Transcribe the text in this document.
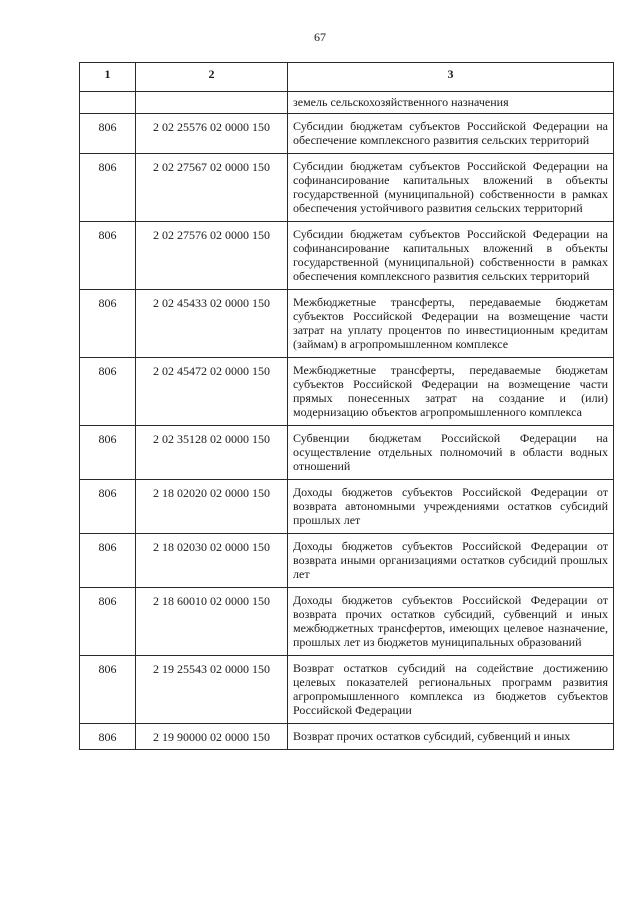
67
1	2	3
		земель сельскохозяйственного назначения
806	2 02 25576 02 0000 150	Субсидии бюджетам субъектов Российской Федерации на обеспечение комплексного развития сельских территорий
806	2 02 27567 02 0000 150	Субсидии бюджетам субъектов Российской Федерации на софинансирование капитальных вложений в объекты государственной (муниципальной) собственности в рамках обеспечения устойчивого развития сельских территорий
806	2 02 27576 02 0000 150	Субсидии бюджетам субъектов Российской Федерации на софинансирование капитальных вложений в объекты государственной (муниципальной) собственности в рамках обеспечения комплексного развития сельских территорий
806	2 02 45433 02 0000 150	Межбюджетные трансферты, передаваемые бюджетам субъектов Российской Федерации на возмещение части затрат на уплату процентов по инвестиционным кредитам (займам) в агропромышленном комплексе
806	2 02 45472 02 0000 150	Межбюджетные трансферты, передаваемые бюджетам субъектов Российской Федерации на возмещение части прямых понесенных затрат на создание и (или) модернизацию объектов агропромышленного комплекса
806	2 02 35128 02 0000 150	Субвенции бюджетам Российской Федерации на осуществление отдельных полномочий в области водных отношений
806	2 18 02020 02 0000 150	Доходы бюджетов субъектов Российской Федерации от возврата автономными учреждениями остатков субсидий прошлых лет
806	2 18 02030 02 0000 150	Доходы бюджетов субъектов Российской Федерации от возврата иными организациями остатков субсидий прошлых лет
806	2 18 60010 02 0000 150	Доходы бюджетов субъектов Российской Федерации от возврата прочих остатков субсидий, субвенций и иных межбюджетных трансфертов, имеющих целевое назначение, прошлых лет из бюджетов муниципальных образований
806	2 19 25543 02 0000 150	Возврат остатков субсидий на содействие достижению целевых показателей региональных программ развития агропромышленного комплекса из бюджетов субъектов Российской Федерации
806	2 19 90000 02 0000 150	Возврат прочих остатков субсидий, субвенций и иных
